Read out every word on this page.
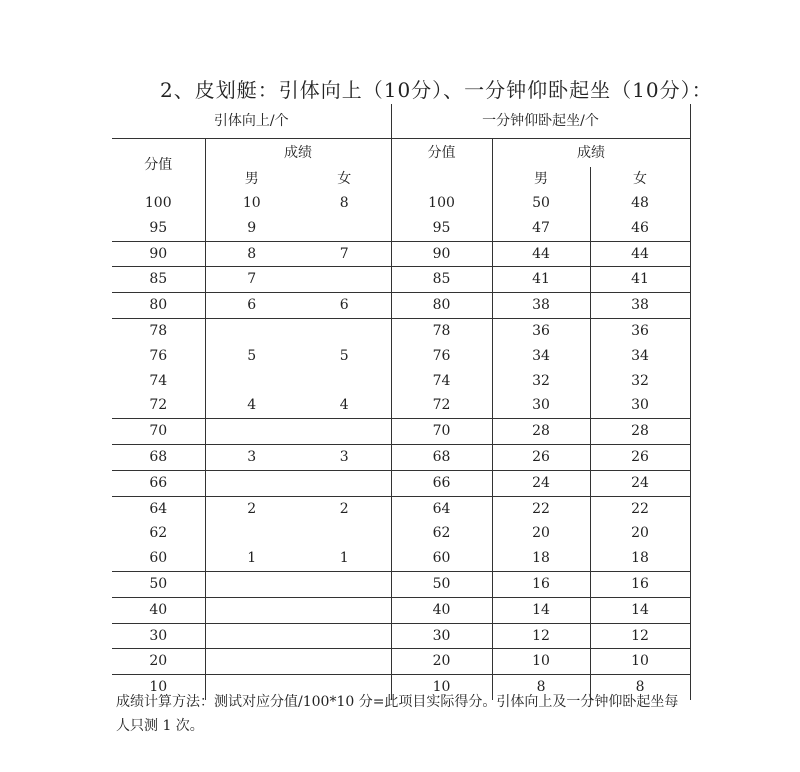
2、皮划艇：引体向上（10分）、一分钟仰卧起坐（10分）：
引体向上/个			一分钟仰卧起坐/个		
分值	成绩		分值	成绩	
	男	女		男	女
100	10	8	100	50	48
95	9		95	47	46
90	8	7	90	44	44
85	7		85	41	41
80	6	6	80	38	38
78			78	36	36
76	5	5	76	34	34
74			74	32	32
72	4	4	72	30	30
70			70	28	28
68	3	3	68	26	26
66			66	24	24
64	2	2	64	22	22
62			62	20	20
60	1	1	60	18	18
50			50	16	16
40			40	14	14
30			30	12	12
20			20	10	10
10			10	8	8
成绩计算方法：测试对应分值/100*10 分=此项目实际得分。引体向上及一分钟仰卧起坐每人只测 1 次。
